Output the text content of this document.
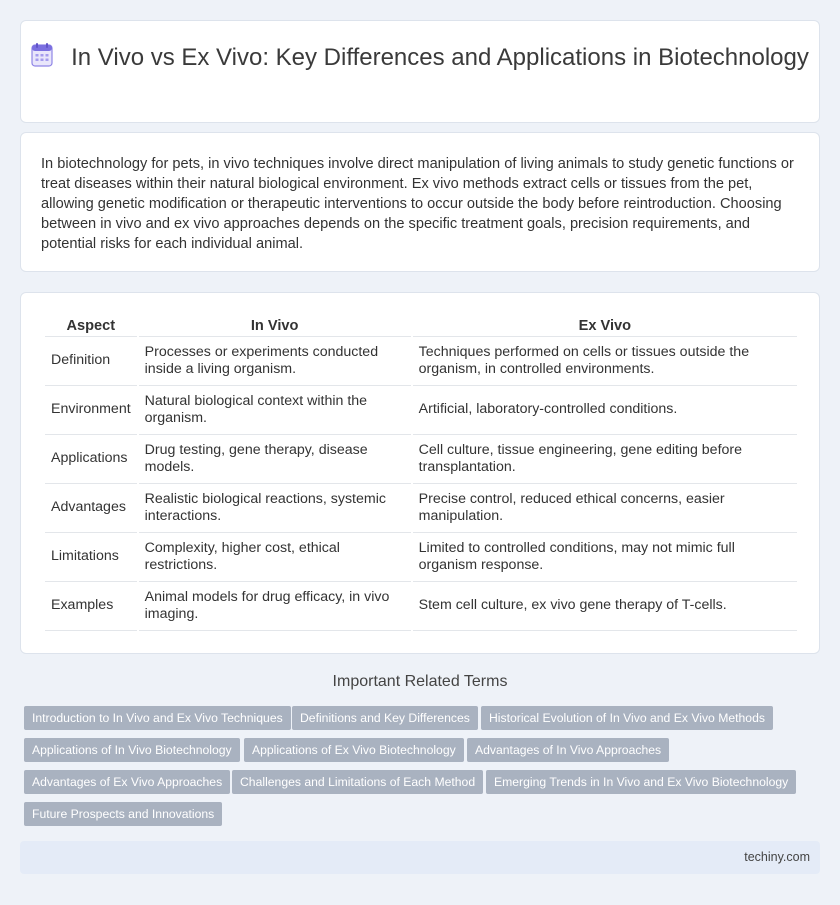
In Vivo vs Ex Vivo: Key Differences and Applications in Biotechnology

In biotechnology for pets, in vivo techniques involve direct manipulation of living animals to study genetic functions or treat diseases within their natural biological environment. Ex vivo methods extract cells or tissues from the pet, allowing genetic modification or therapeutic interventions to occur outside the body before reintroduction. Choosing between in vivo and ex vivo approaches depends on the specific treatment goals, precision requirements, and potential risks for each individual animal.

Aspect	In Vivo	Ex Vivo
Definition	Processes or experiments conducted inside a living organism.	Techniques performed on cells or tissues outside the organism, in controlled environments.
Environment	Natural biological context within the organism.	Artificial, laboratory-controlled conditions.
Applications	Drug testing, gene therapy, disease models.	Cell culture, tissue engineering, gene editing before transplantation.
Advantages	Realistic biological reactions, systemic interactions.	Precise control, reduced ethical concerns, easier manipulation.
Limitations	Complexity, higher cost, ethical restrictions.	Limited to controlled conditions, may not mimic full organism response.
Examples	Animal models for drug efficacy, in vivo imaging.	Stem cell culture, ex vivo gene therapy of T-cells.
Important Related Terms
Introduction to In Vivo and Ex Vivo Techniques	Definitions and Key Differences	Historical Evolution of In Vivo and Ex Vivo Methods
Applications of In Vivo Biotechnology	Applications of Ex Vivo Biotechnology	Advantages of In Vivo Approaches
Advantages of Ex Vivo Approaches	Challenges and Limitations of Each Method	Emerging Trends in In Vivo and Ex Vivo Biotechnology
Future Prospects and Innovations
techiny.com
